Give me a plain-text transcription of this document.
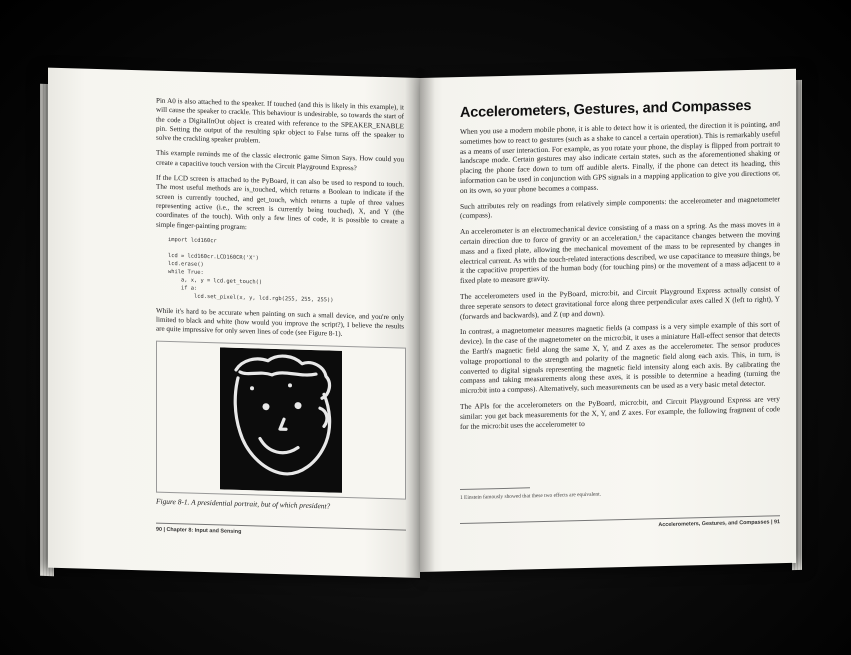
Pin A0 is also attached to the speaker. If touched (and this is likely in this example), it will cause the speaker to crackle. This behaviour is undesirable, so towards the start of the code a DigitalInOut object is created with reference to the SPEAKER_ENABLE pin. Setting the output of the resulting spkr object to False turns off the speaker to solve the crackling speaker problem.

This example reminds me of the classic electronic game Simon Says. How could you create a capacitive touch version with the Circuit Playground Express?

If the LCD screen is attached to the PyBoard, it can also be used to respond to touch. The most useful methods are is_touched, which returns a Boolean to indicate if the screen is currently touched, and get_touch, which returns a tuple of three values representing active (i.e., the screen is currently being touched), X, and Y (the coordinates of the touch). With only a few lines of code, it is possible to create a simple finger-painting program:

import lcd160cr

lcd = lcd160cr.LCD160CR('X')
lcd.erase()
while True:
a, x, y = lcd.get_touch()
if a:
lcd.set_pixel(x, y, lcd.rgb(255, 255, 255))

While it's hard to be accurate when painting on such a small device, and you're only limited to black and white (how would you improve the script?), I believe the results are quite impressive for only seven lines of code (see Figure 8-1).

Figure 8-1. A presidential portrait, but of which president?
90 | Chapter 8: Input and Sensing
Accelerometers, Gestures, and Compasses

When you use a modern mobile phone, it is able to detect how it is oriented, the direction it is pointing, and sometimes how to react to gestures (such as a shake to cancel a certain operation). This is remarkably useful as a means of user interaction. For example, as you rotate your phone, the display is flipped from portrait to landscape mode. Certain gestures may also indicate certain states, such as the aforementioned shaking or placing the phone face down to turn off audible alerts. Finally, if the phone can detect its heading, this information can be used in conjunction with GPS signals in a mapping application to give you directions or, on its own, so your phone becomes a compass.

Such attributes rely on readings from relatively simple components: the accelerometer and magnetometer (compass).

An accelerometer is an electromechanical device consisting of a mass on a spring. As the mass moves in a certain direction due to force of gravity or an acceleration,¹ the capacitance changes between the moving mass and a fixed plate, allowing the mechanical movement of the mass to be represented by changes in electrical current. As with the touch-related interactions described, we use capacitance to measure things, be it the capacitive properties of the human body (for touching pins) or the movement of a mass adjacent to a fixed plate to measure gravity.

The accelerometers used in the PyBoard, micro:bit, and Circuit Playground Express actually consist of three seperate sensors to detect gravitational force along three perpendicular axes called X (left to right), Y (forwards and backwards), and Z (up and down).

In contrast, a magnetometer measures magnetic fields (a compass is a very simple example of this sort of device). In the case of the magnetometer on the micro:bit, it uses a miniature Hall-effect sensor that detects the Earth's magnetic field along the same X, Y, and Z axes as the accelerometer. The sensor produces voltage proportional to the strength and polarity of the magnetic field along each axis. This, in turn, is converted to digital signals representing the magnetic field intensity along each axis. By calibrating the compass and taking measurements along these axes, it is possible to determine a heading (turning the micro:bit into a compass). Alternatively, such measurements can be used as a very basic metal detector.

The APIs for the accelerometers on the PyBoard, micro:bit, and Circuit Playground Express are very similar: you get back measurements for the X, Y, and Z axes. For example, the following fragment of code for the micro:bit uses the accelerometer to

1 Einstein famously showed that these two effects are equivalent.
Accelerometers, Gestures, and Compasses | 91
